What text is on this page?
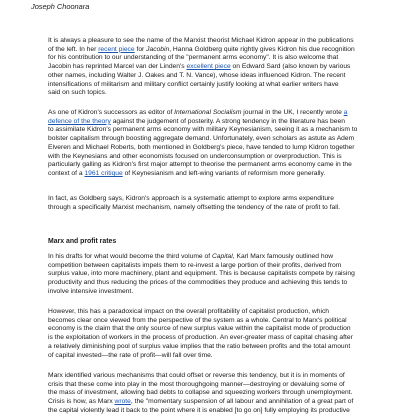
Joseph Choonara
It is always a pleasure to see the name of the Marxist theorist Michael Kidron appear in the publications
of the left. In her recent piece for Jacobin, Hanna Goldberg quite rightly gives Kidron his due recognition
for his contribution to our understanding of the "permanent arms economy". It is also welcome that
Jacobin has reprinted Marcel van der Linden's excellent piece on Edward Sard (also known by various
other names, including Walter J. Oakes and T. N. Vance), whose ideas influenced Kidron. The recent
intensifications of militarism and military conflict certainly justify looking at what earlier writers have
said on such topics.
As one of Kidron's successors as editor of International Socialism journal in the UK, I recently wrote a
defence of the theory against the judgement of posterity. A strong tendency in the literature has been
to assimilate Kidron's permanent arms economy with military Keynesianism, seeing it as a mechanism to
bolster capitalism through boosting aggregate demand. Unfortunately, even scholars as astute as Adem
Elveren and Michael Roberts, both mentioned in Goldberg's piece, have tended to lump Kidron together
with the Keynesians and other economists focused on underconsumption or overproduction. This is
particularly galling as Kidron's first major attempt to theorise the permanent arms economy came in the
context of a 1961 critique of Keynesianism and left-wing variants of reformism more generally.
In fact, as Goldberg says, Kidron's approach is a systematic attempt to explore arms expenditure
through a specifically Marxist mechanism, namely offsetting the tendency of the rate of profit to fall.
Marx and profit rates
In his drafts for what would become the third volume of Capital, Karl Marx famously outlined how
competition between capitalists impels them to re-invest a large portion of their profits, derived from
surplus value, into more machinery, plant and equipment. This is because capitalists compete by raising
productivity and thus reducing the prices of the commodities they produce and achieving this tends to
involve intensive investment.
However, this has a paradoxical impact on the overall profitability of capitalist production, which
becomes clear once viewed from the perspective of the system as a whole. Central to Marx's political
economy is the claim that the only source of new surplus value within the capitalist mode of production
is the exploitation of workers in the process of production. An ever-greater mass of capital chasing after
a relatively diminishing pool of surplus value implies that the ratio between profits and the total amount
of capital invested—the rate of profit—will fall over time.
Marx identified various mechanisms that could offset or reverse this tendency, but it is in moments of
crisis that these come into play in the most thoroughgoing manner—destroying or devaluing some of
the mass of investment, allowing bad debts to collapse and squeezing workers through unemployment.
Crisis is how, as Marx wrote, the "momentary suspension of all labour and annihilation of a great part of
the capital violently lead it back to the point where it is enabled [to go on] fully employing its productive
